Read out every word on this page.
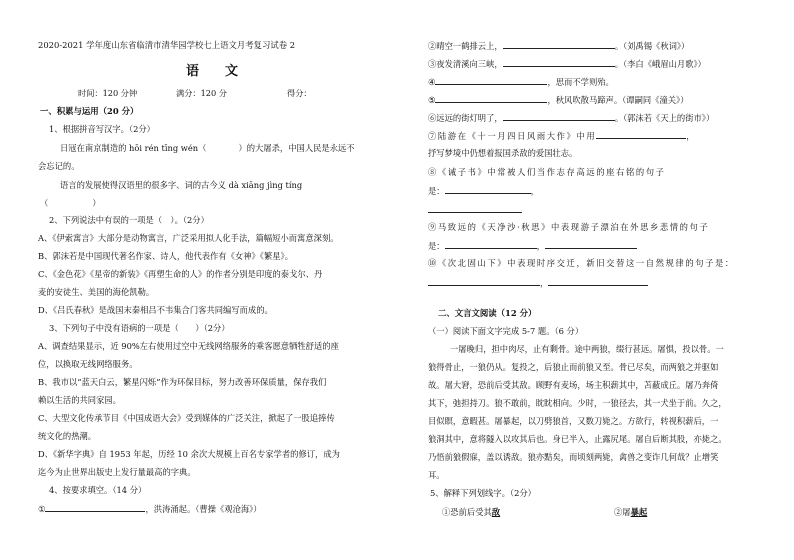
2020-2021 学年度山东省临清市清华园学校七上语文月考复习试卷 2
语　　文
时间：120 分钟	满分：120 分	得分：
一、积累与运用（20 分）
1、根据拼音写汉字。（2分）
日冦在南京制造的 hōi rén tīng wén（	）的大屠杀，中国人民是永远不
会忘记的。
语言的发展使得汉语里的很多字、词的古今义 dà xiāng jìng tíng
（	）
2、下列说法中有误的一项是（　）。（2分）
A、《伊索寓言》大部分是动物寓言，广泛采用拟人化手法，篇幅短小而寓意深刻。
B、郭沫若是中国现代著名作家、诗人，他代表作有《女神》《繁星》。
C、《金色花》《星帝的新装》《再塑生命的人》的作者分别是印度的泰戈尔、丹
麦的安徒生、美国的海伦凯勒。
D、《吕氏春秋》是战国末秦相吕不韦集合门客共同编写而成的。
3、下列句子中没有语病的一项是（　　）（2分）
A、调查结果显示，近 90%左右使用过空中无线网络服务的乘客愿意牺牲舒适的座
位，以换取无线网络服务。
B、我市以“蓝天白云，繁星闪烁”作为环保目标，努力改善环保质量，保存我们
赖以生活的共同家园。
C、大型文化传承节目《中国成语大会》受到媒体的广泛关注，掀起了一股追捧传
统文化的热潮。
D、《新华字典》自 1953 年起，历经 10 余次大规模上百名专家学者的修订，成为
迄今为止世界出版史上发行量最高的字典。
4、按要求填空。（14 分）
①	，洪涛涌起。（曹操《观沧海》）
②晴空一鹤排云上，	。（刘禹锡《秋词》）
③夜发清溪向三峡，	。（李白《峨眉山月歌》）
④	，思而不学则殆。
⑤	，秋风吹散马蹄声。（谭嗣同《潼关》）
⑥远远的街灯明了，	。（郭沫若《天上的街市》）
⑦陆游在《十一月四日风雨大作》中用	，
抒写梦境中仍想着报国杀敌的爱国壮志。
⑧《诫子书》中常被人们当作志存高远的座右铭的句子
是：	，
⑨马致远的《天净沙·秋思》中表现游子漂泊在外思乡悲情的句子
是：	，
⑩《次北固山下》中表现时序交迁，新旧交替这一自然规律的句子是：
，
二、文言文阅读（12 分）
（一）阅读下面文字完成 5-7 题。（6 分）
一屠晚归，担中肉尽，止有剩骨。途中两狼，缀行甚远。屠惧，投以骨。一
狼得骨止，一狼仍从。复投之，后狼止而前狼又至。骨已尽矣，而两狼之并驱如
故。屠大窘，恐前后受其敌。顾野有麦场，场主积薪其中，苫蔽成丘。屠乃奔倚
其下，弛担持刀。狼不敢前，眈眈相向。少时，一狼径去，其一犬坐于前。久之，
目似瞑，意暇甚。屠暴起，以刀劈狼首，又数刀毙之。方欲行，转视积薪后，一
狼洞其中，意将隧入以攻其后也。身已半入，止露尻尾。屠自后断其股，亦毙之。
乃悟前狼假寐，盖以诱敌。狼亦黠矣，而顷刻两毙，禽兽之变诈几何哉？止增笑
耳。
5、解释下列划线字。（2分）
①恐前后受其敌	②屠暴起
